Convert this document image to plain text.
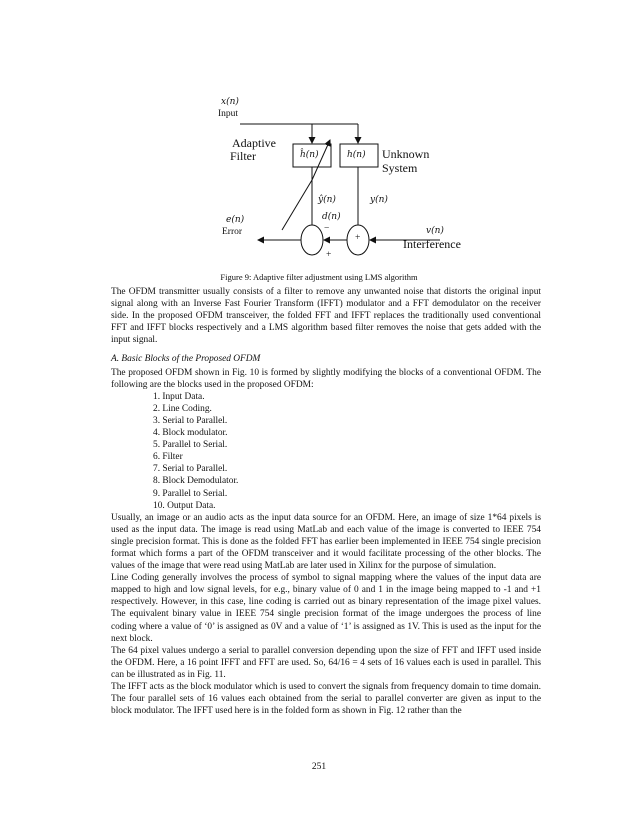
x(n)
Input
Adaptive
Filter	ĥ(n)	h(n) Unknown
System
ŷ(n)	y(n)
d(n)
−
e(n)
Error
+
+
v(n)
Interference
Figure 9: Adaptive filter adjustment using LMS algorithm

The OFDM transmitter usually consists of a filter to remove any unwanted noise that distorts the original input signal along with an Inverse Fast Fourier Transform (IFFT) modulator and a FFT demodulator on the receiver side. In the proposed OFDM transceiver, the folded FFT and IFFT replaces the traditionally used conventional FFT and IFFT blocks respectively and a LMS algorithm based filter removes the noise that gets added with the input signal.

A. Basic Blocks of the Proposed OFDM

The proposed OFDM shown in Fig. 10 is formed by slightly modifying the blocks of a conventional OFDM. The following are the blocks used in the proposed OFDM:

1. Input Data.
2. Line Coding.
3. Serial to Parallel.
4. Block modulator.
5. Parallel to Serial.
6. Filter
7. Serial to Parallel.
8. Block Demodulator.
9. Parallel to Serial.
10. Output Data.

Usually, an image or an audio acts as the input data source for an OFDM. Here, an image of size 1*64 pixels is used as the input data. The image is read using MatLab and each value of the image is converted to IEEE 754 single precision format. This is done as the folded FFT has earlier been implemented in IEEE 754 single precision format which forms a part of the OFDM transceiver and it would facilitate processing of the other blocks. The values of the image that were read using MatLab are later used in Xilinx for the purpose of simulation.

Line Coding generally involves the process of symbol to signal mapping where the values of the input data are mapped to high and low signal levels, for e.g., binary value of 0 and 1 in the image being mapped to -1 and +1 respectively. However, in this case, line coding is carried out as binary representation of the image pixel values. The equivalent binary value in IEEE 754 single precision format of the image undergoes the process of line coding where a value of ‘0’ is assigned as 0V and a value of ‘1’ is assigned as 1V. This is used as the input for the next block.

The 64 pixel values undergo a serial to parallel conversion depending upon the size of FFT and IFFT used inside the OFDM. Here, a 16 point IFFT and FFT are used. So, 64/16 = 4 sets of 16 values each is used in parallel. This can be illustrated as in Fig. 11.

The IFFT acts as the block modulator which is used to convert the signals from frequency domain to time domain. The four parallel sets of 16 values each obtained from the serial to parallel converter are given as input to the block modulator. The IFFT used here is in the folded form as shown in Fig. 12 rather than the

251
